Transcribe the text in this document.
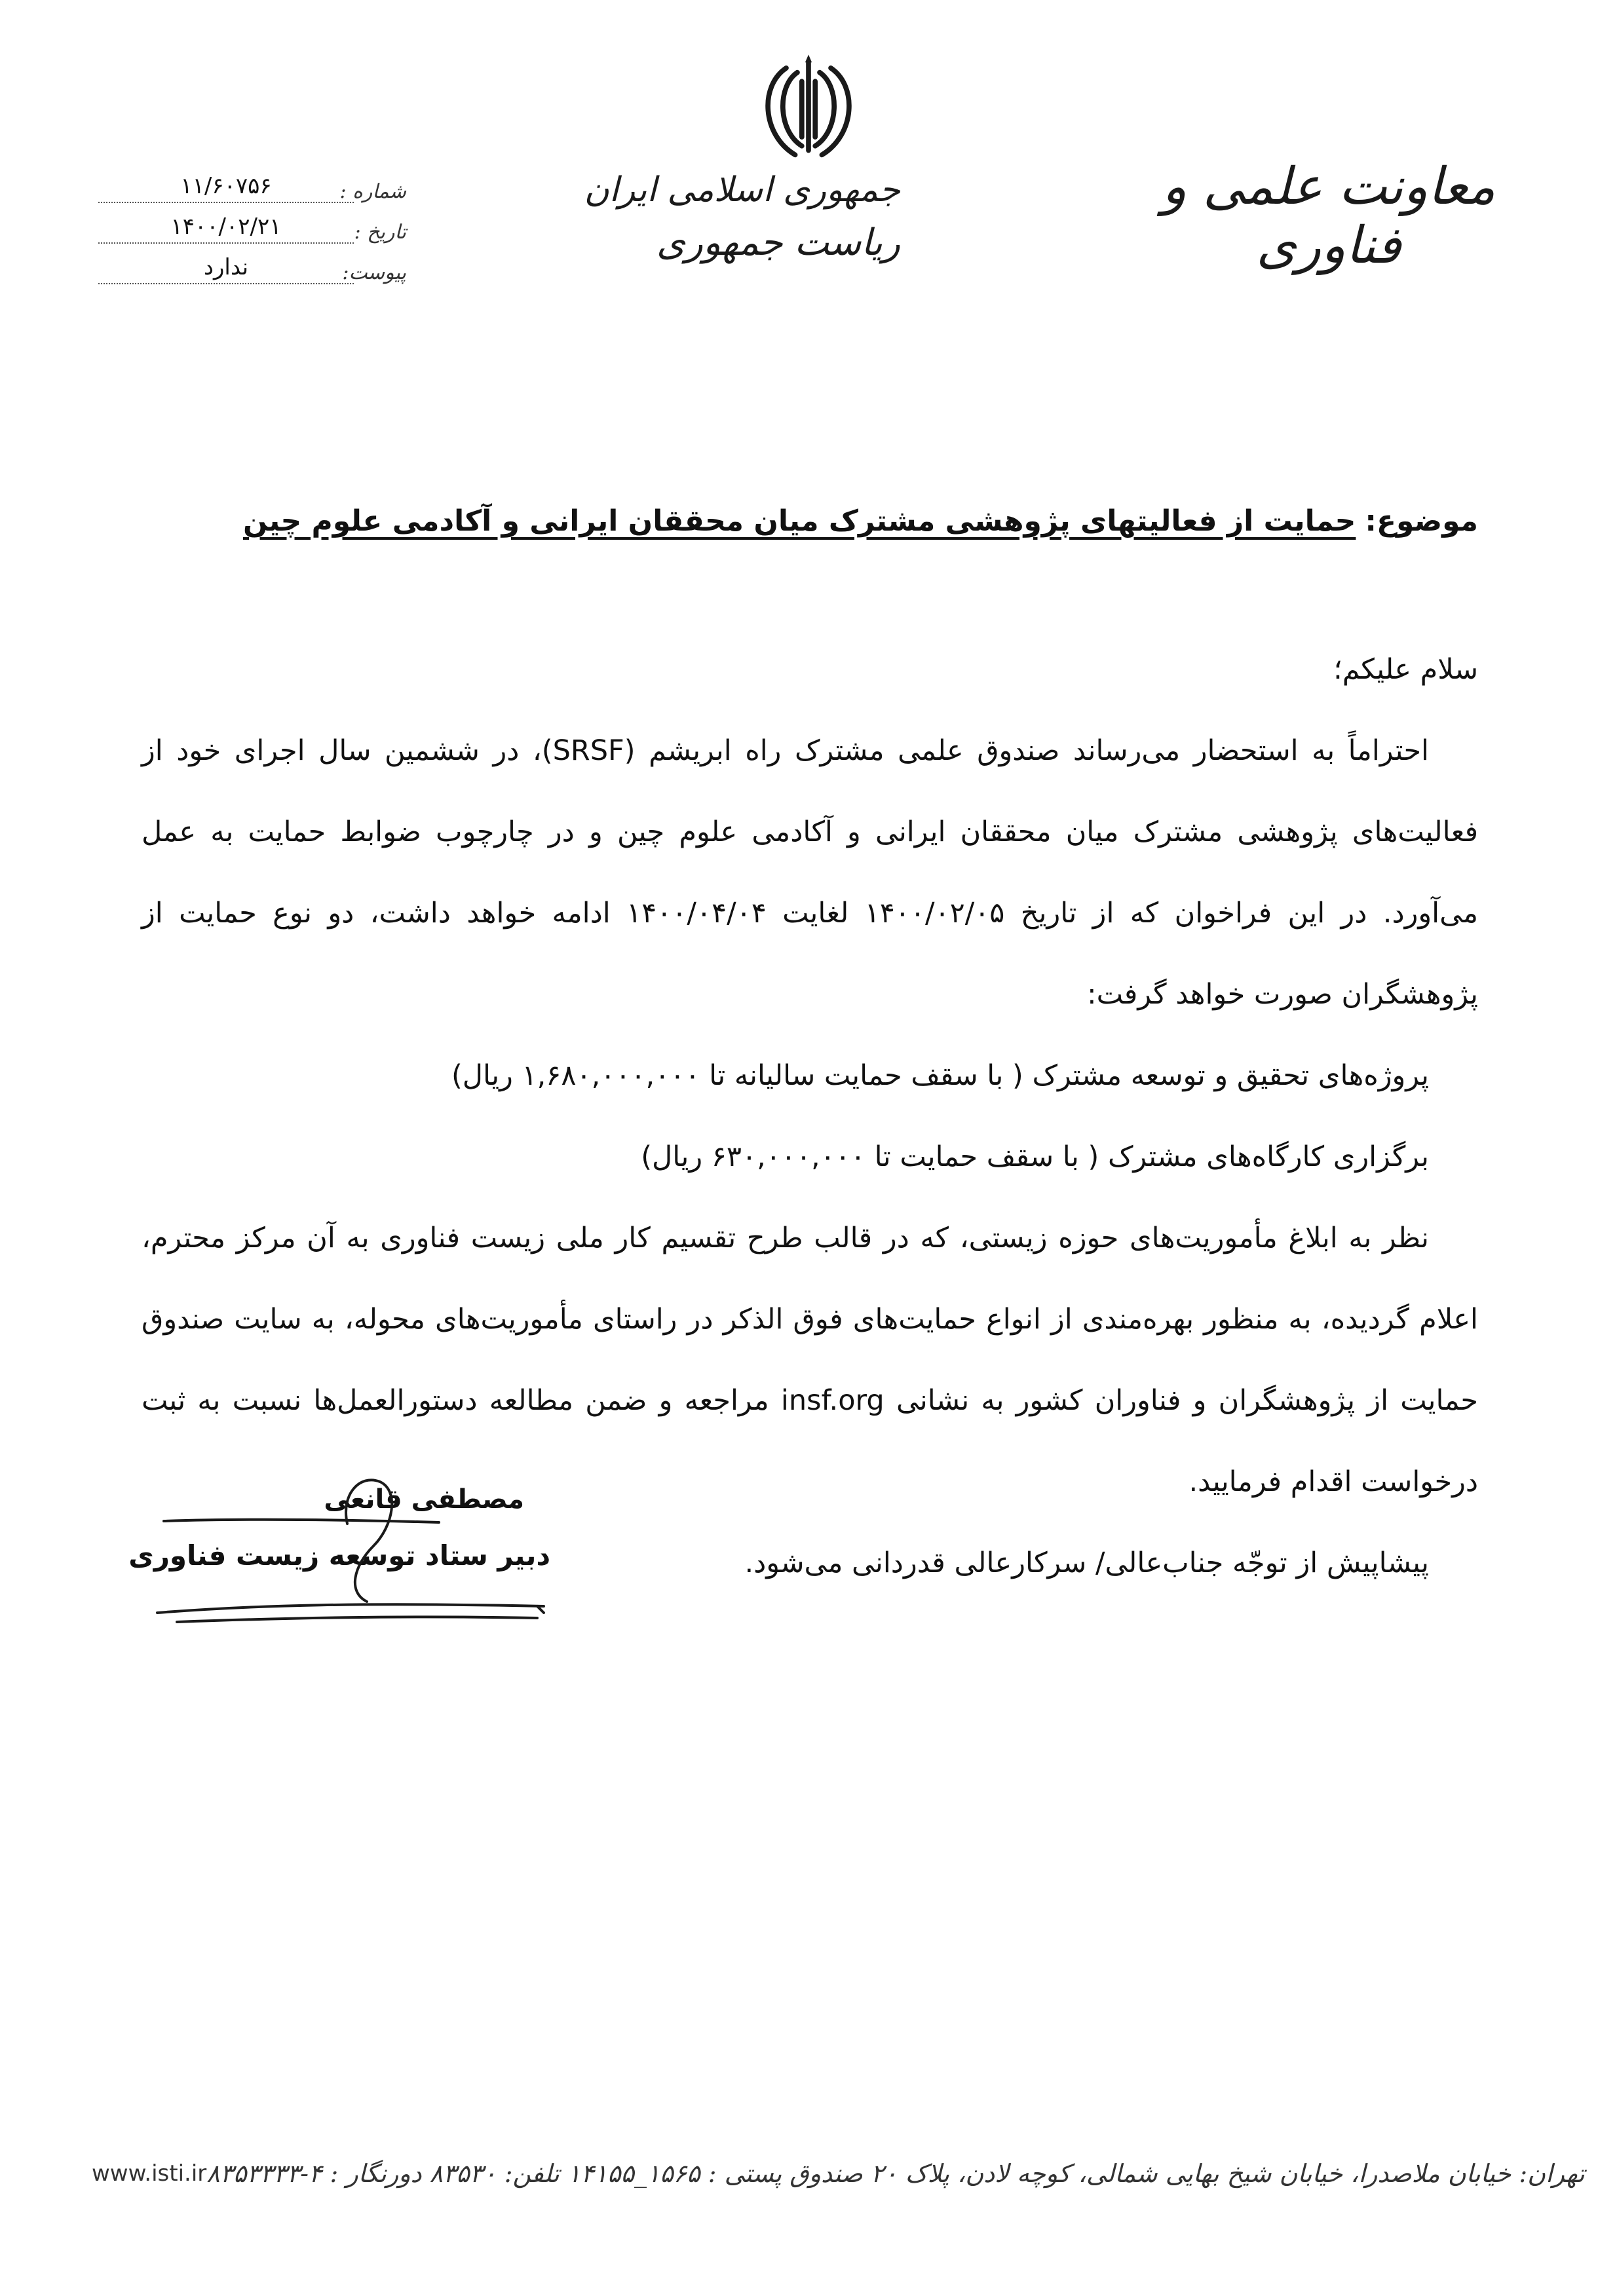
معاونت علمی و فناوری
جمهوری اسلامی ایران
ریاست جمهوری
شماره :
۱۱/۶۰۷۵۶
تاریخ :
۱۴۰۰/۰۲/۲۱
پیوست:
ندارد
موضوع:حمایت از فعالیتهای پژوهشی مشترک میان محققان ایرانی و آکادمی علوم چین

سلام علیکم؛

احتراماً به استحضار می‌رساند صندوق علمی مشترک راه ابریشم (SRSF)، در ششمین سال اجرای خود از فعالیت‌های پژوهشی مشترک میان محققان ایرانی و آکادمی علوم چین و در چارچوب ضوابط حمایت به عمل می‌آورد. در این فراخوان که از تاریخ ۱۴۰۰/۰۲/۰۵ لغایت ۱۴۰۰/۰۴/۰۴ ادامه خواهد داشت، دو نوع حمایت از پژوهشگران صورت خواهد گرفت:

پروژه‌های تحقیق و توسعه مشترک ( با سقف حمایت سالیانه تا ۱,۶۸۰,۰۰۰,۰۰۰ ریال)

برگزاری کارگاه‌های مشترک ( با سقف حمایت تا ۶۳۰,۰۰۰,۰۰۰ ریال)

نظر به ابلاغ مأموریت‌های حوزه زیستی، که در قالب طرح تقسیم کار ملی زیست فناوری به آن مرکز محترم، اعلام گردیده، به منظور بهره‌مندی از انواع حمایت‌های فوق الذکر در راستای مأموریت‌های محوله، به سایت صندوق حمایت از پژوهشگران و فناوران کشور به نشانی insf.org مراجعه و ضمن مطالعه دستورالعمل‌ها نسبت به ثبت درخواست اقدام فرمایید.

پیشاپیش از توجّه جناب‌عالی/ سرکارعالی قدردانی می‌شود.

مصطفی قانعی
دبیر ستاد توسعه زیست فناوری
www.isti.ir تهران: خیابان ملاصدرا، خیابان شیخ بهایی شمالی، کوچه لادن، پلاک ۲۰ صندوق پستی : ۱۵۶۵_۱۴۱۵۵ تلفن: ۸۳۵۳۰ دورنگار : ۴-۸۳۵۳۳۳۳
